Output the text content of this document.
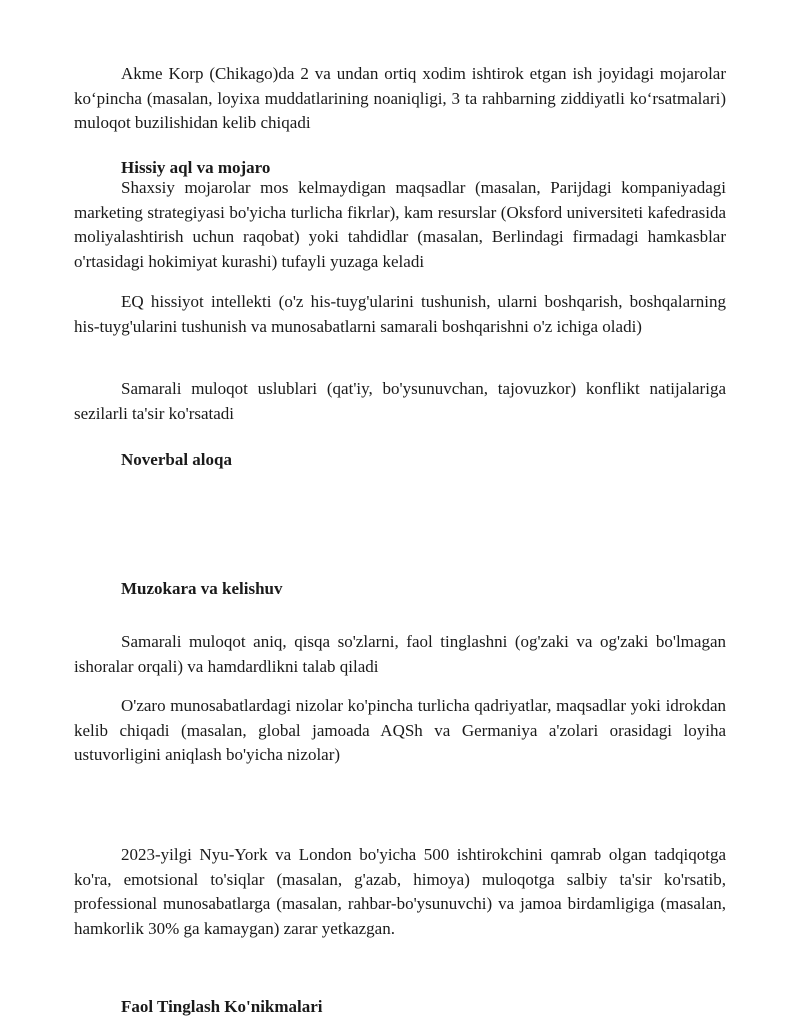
Akme Korp (Chikago)da 2 va undan ortiq xodim ishtirok etgan ish joyidagi mojarolar koʻpincha (masalan, loyixa muddatlarining noaniqligi, 3 ta rahbarning ziddiyatli koʻrsatmalari) muloqot buzilishidan kelib chiqadi

Hissiy aql va mojaro

Shaxsiy mojarolar mos kelmaydigan maqsadlar (masalan, Parijdagi kompaniyadagi marketing strategiyasi bo'yicha turlicha fikrlar), kam resurslar (Oksford universiteti kafedrasida moliyalashtirish uchun raqobat) yoki tahdidlar (masalan, Berlindagi firmadagi hamkasblar o'rtasidagi hokimiyat kurashi) tufayli yuzaga keladi

EQ hissiyot intellekti (o'z his-tuyg'ularini tushunish, ularni boshqarish, boshqalarning his-tuyg'ularini tushunish va munosabatlarni samarali boshqarishni o'z ichiga oladi)

Samarali muloqot uslublari (qat'iy, bo'ysunuvchan, tajovuzkor) konflikt natijalariga sezilarli ta'sir ko'rsatadi

Noverbal aloqa
Muzokara va kelishuv

Samarali muloqot aniq, qisqa so'zlarni, faol tinglashni (og'zaki va og'zaki bo'lmagan ishoralar orqali) va hamdardlikni talab qiladi

O'zaro munosabatlardagi nizolar ko'pincha turlicha qadriyatlar, maqsadlar yoki idrokdan kelib chiqadi (masalan, global jamoada AQSh va Germaniya a'zolari orasidagi loyiha ustuvorligini aniqlash bo'yicha nizolar)

2023-yilgi Nyu-York va London bo'yicha 500 ishtirokchini qamrab olgan tadqiqotga ko'ra, emotsional to'siqlar (masalan, g'azab, himoya) muloqotga salbiy ta'sir ko'rsatib, professional munosabatlarga (masalan, rahbar-bo'ysunuvchi) va jamoa birdamligiga (masalan, hamkorlik 30% ga kamaygan) zarar yetkazgan.

Faol Tinglash Ko'nikmalari
